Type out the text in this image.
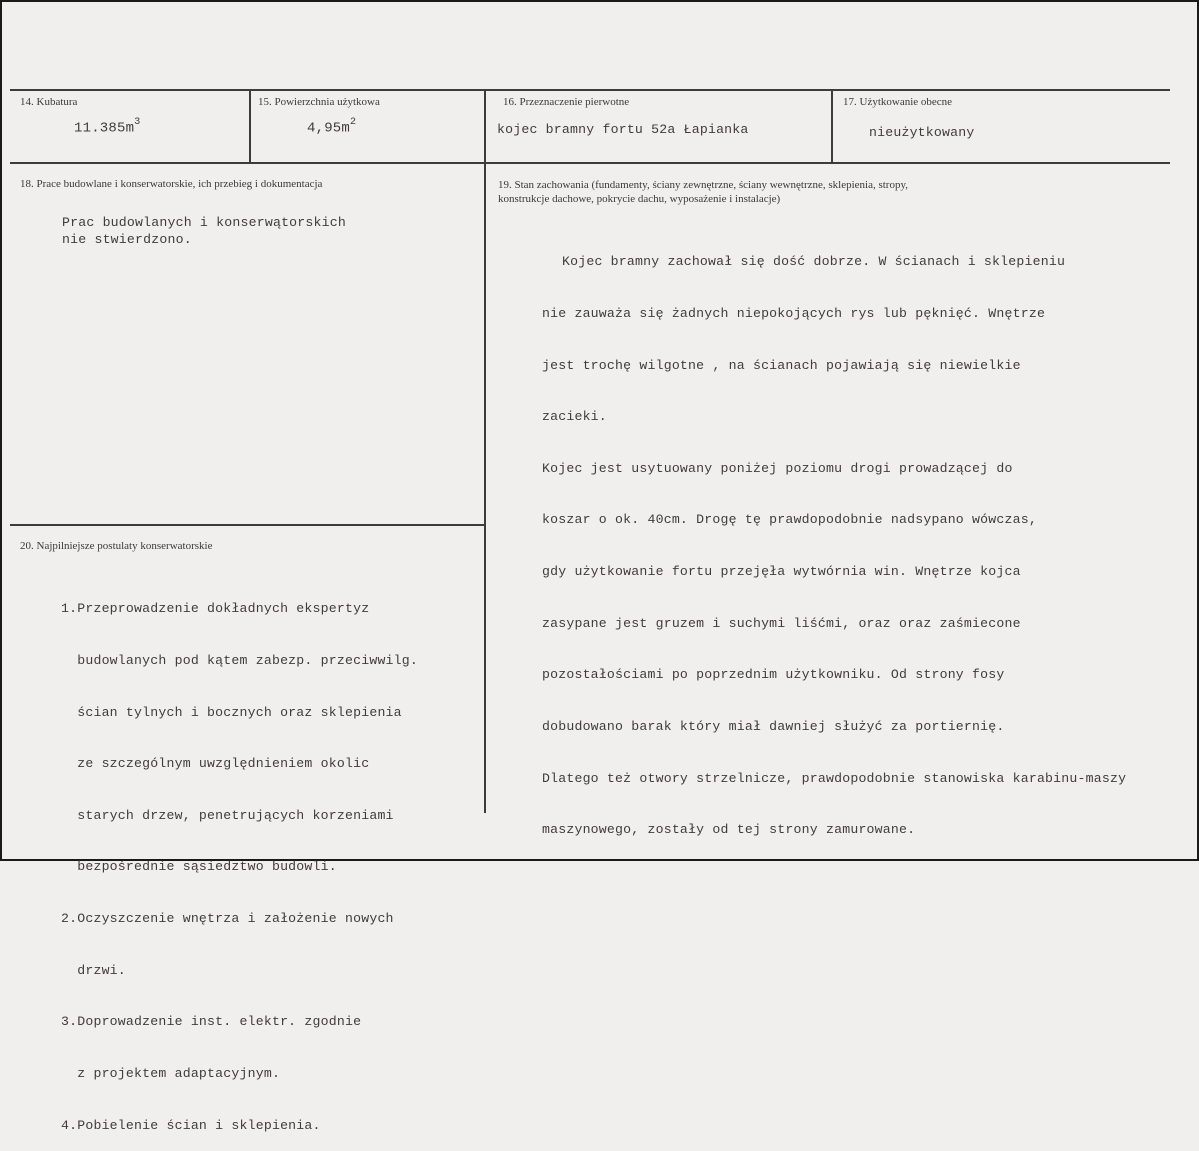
14. Kubatura
$11.385m^3$
15. Powierzchnia użytkowa
$4,95m^2$
16. Przeznaczenie pierwotne
kojec bramny fortu 52a Łapianka
17. Użytkowanie obecne
nieużytkowany
18. Prace budowlane i konserwatorskie, ich przebieg i dokumentacja
Prac budowlanych i konserwątorskich
nie stwierdzono.
19. Stan zachowania (fundamenty, ściany zewnętrzne, ściany wewnętrzne, sklepienia, stropy,
konstrukcje dachowe, pokrycie dachu, wyposażenie i instalacje)

Kojec bramny zachował się dość dobrze. W ścianach i sklepieniu

nie zauważa się żadnych niepokojących rys lub pęknięć. Wnętrze

jest trochę wilgotne , na ścianach pojawiają się niewielkie

zacieki.

Kojec jest usytuowany poniżej poziomu drogi prowadzącej do

koszar o ok. 40cm. Drogę tę prawdopodobnie nadsypano wówczas,

gdy użytkowanie fortu przejęła wytwórnia win. Wnętrze kojca

zasypane jest gruzem i suchymi liśćmi, oraz oraz zaśmiecone

pozostałościami po poprzednim użytkowniku. Od strony fosy

dobudowano barak który miał dawniej służyć za portiernię.

Dlatego też otwory strzelnicze, prawdopodobnie stanowiska karabinu-maszy

maszynowego, zostały od tej strony zamurowane.

20. Najpilniejsze postulaty konserwatorskie

1.Przeprowadzenie dokładnych ekspertyz

budowlanych pod kątem zabezp. przeciwwilg.

ścian tylnych i bocznych oraz sklepienia

ze szczególnym uwzględnieniem okolic

starych drzew, penetrujących korzeniami

bezpośrednie sąsiedztwo budowli.

2.Oczyszczenie wnętrza i założenie nowych

drzwi.

3.Doprowadzenie inst. elektr. zgodnie

z projektem adaptacyjnym.

4.Pobielenie ścian i sklepienia.
